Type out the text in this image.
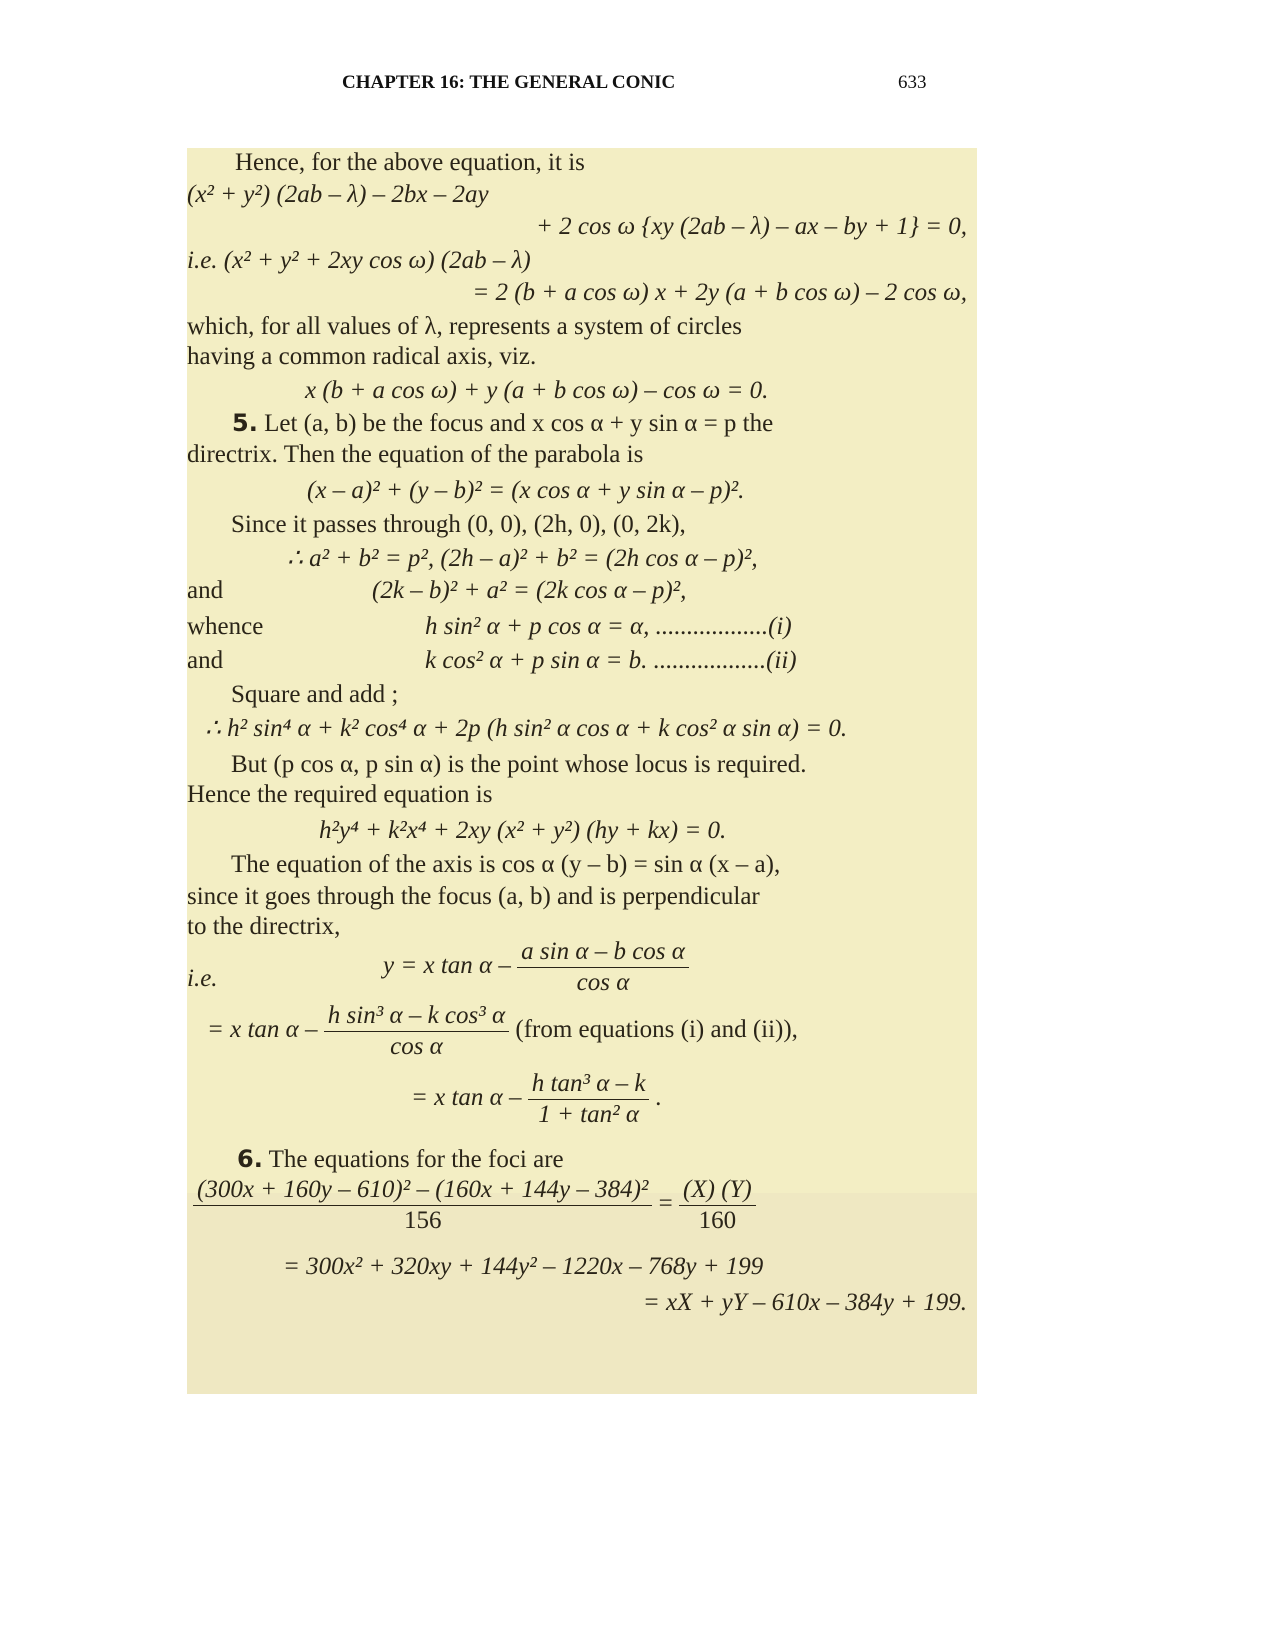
CHAPTER 16: THE GENERAL CONIC	633
Hence, for the above equation, it is
(x² + y²) (2ab – λ) – 2bx – 2ay
+ 2 cos ω {xy (2ab – λ) – ax – by + 1} = 0,
i.e. (x² + y² + 2xy cos ω) (2ab – λ)
= 2 (b + a cos ω) x + 2y (a + b cos ω) – 2 cos ω,
which, for all values of λ, represents a system of circles
having a common radical axis, viz.
x (b + a cos ω) + y (a + b cos ω) – cos ω = 0.
5. Let (a, b) be the focus and x cos α + y sin α = p the
directrix. Then the equation of the parabola is
(x – a)² + (y – b)² = (x cos α + y sin α – p)².
Since it passes through (0, 0), (2h, 0), (0, 2k),
∴ a² + b² = p², (2h – a)² + b² = (2h cos α – p)²,
and	(2k – b)² + a² = (2k cos α – p)²,
whence	h sin² α + p cos α = α, ..................(i)
and	k cos² α + p sin α = b. ..................(ii)
Square and add ;
∴ h² sin⁴ α + k² cos⁴ α + 2p (h sin² α cos α + k cos² α sin α) = 0.
But (p cos α, p sin α) is the point whose locus is required.
Hence the required equation is
h²y⁴ + k²x⁴ + 2xy (x² + y²) (hy + kx) = 0.
The equation of the axis is cos α (y – b) = sin α (x – a),
since it goes through the focus (a, b) and is perpendicular
to the directrix,
i.e.	y = x tan α – $\frac{\text{a sin α – b cos α}}{\text{cos α}}$
= x tan α – $\frac{\text{h sin³ α – k cos³ α}}{\text{cos α}}$ (from equations (i) and (ii)),
= x tan α – $\frac{\text{h tan³ α – k}}{\text{1 + tan² α}}$ .
6. The equations for the foci are
$\frac{\text{(300x + 160y – 610)² – (160x + 144y – 384)²}}{156} = \frac{(X) (Y)}{160}$
= 300x² + 320xy + 144y² – 1220x – 768y + 199
= xX + yY – 610x – 384y + 199.
